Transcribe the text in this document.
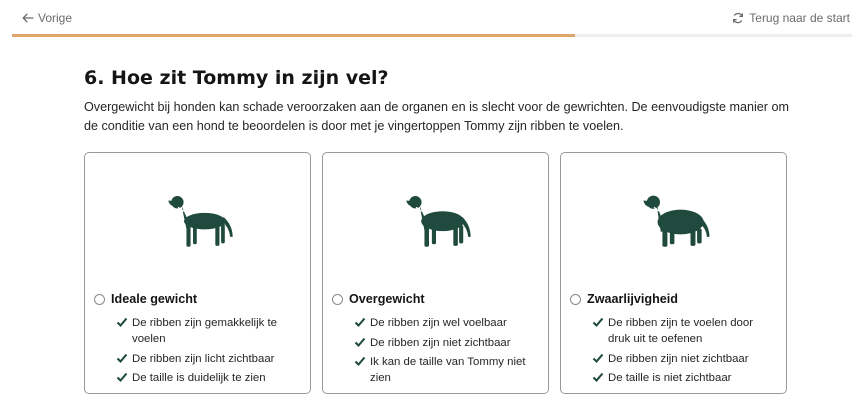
Vorige	Terug naar de start
6. Hoe zit Tommy in zijn vel?

Overgewicht bij honden kan schade veroorzaken aan de organen en is slecht voor de gewrichten. De eenvoudigste manier om de conditie van een hond te beoordelen is door met je vingertoppen Tommy zijn ribben te voelen.

Ideale gewicht
De ribben zijn gemakkelijk te voelen
De ribben zijn licht zichtbaar
De taille is duidelijk te zien
Overgewicht
De ribben zijn wel voelbaar
De ribben zijn niet zichtbaar
Ik kan de taille van Tommy niet zien
Zwaarlijvigheid
De ribben zijn te voelen door druk uit te oefenen
De ribben zijn niet zichtbaar
De taille is niet zichtbaar
